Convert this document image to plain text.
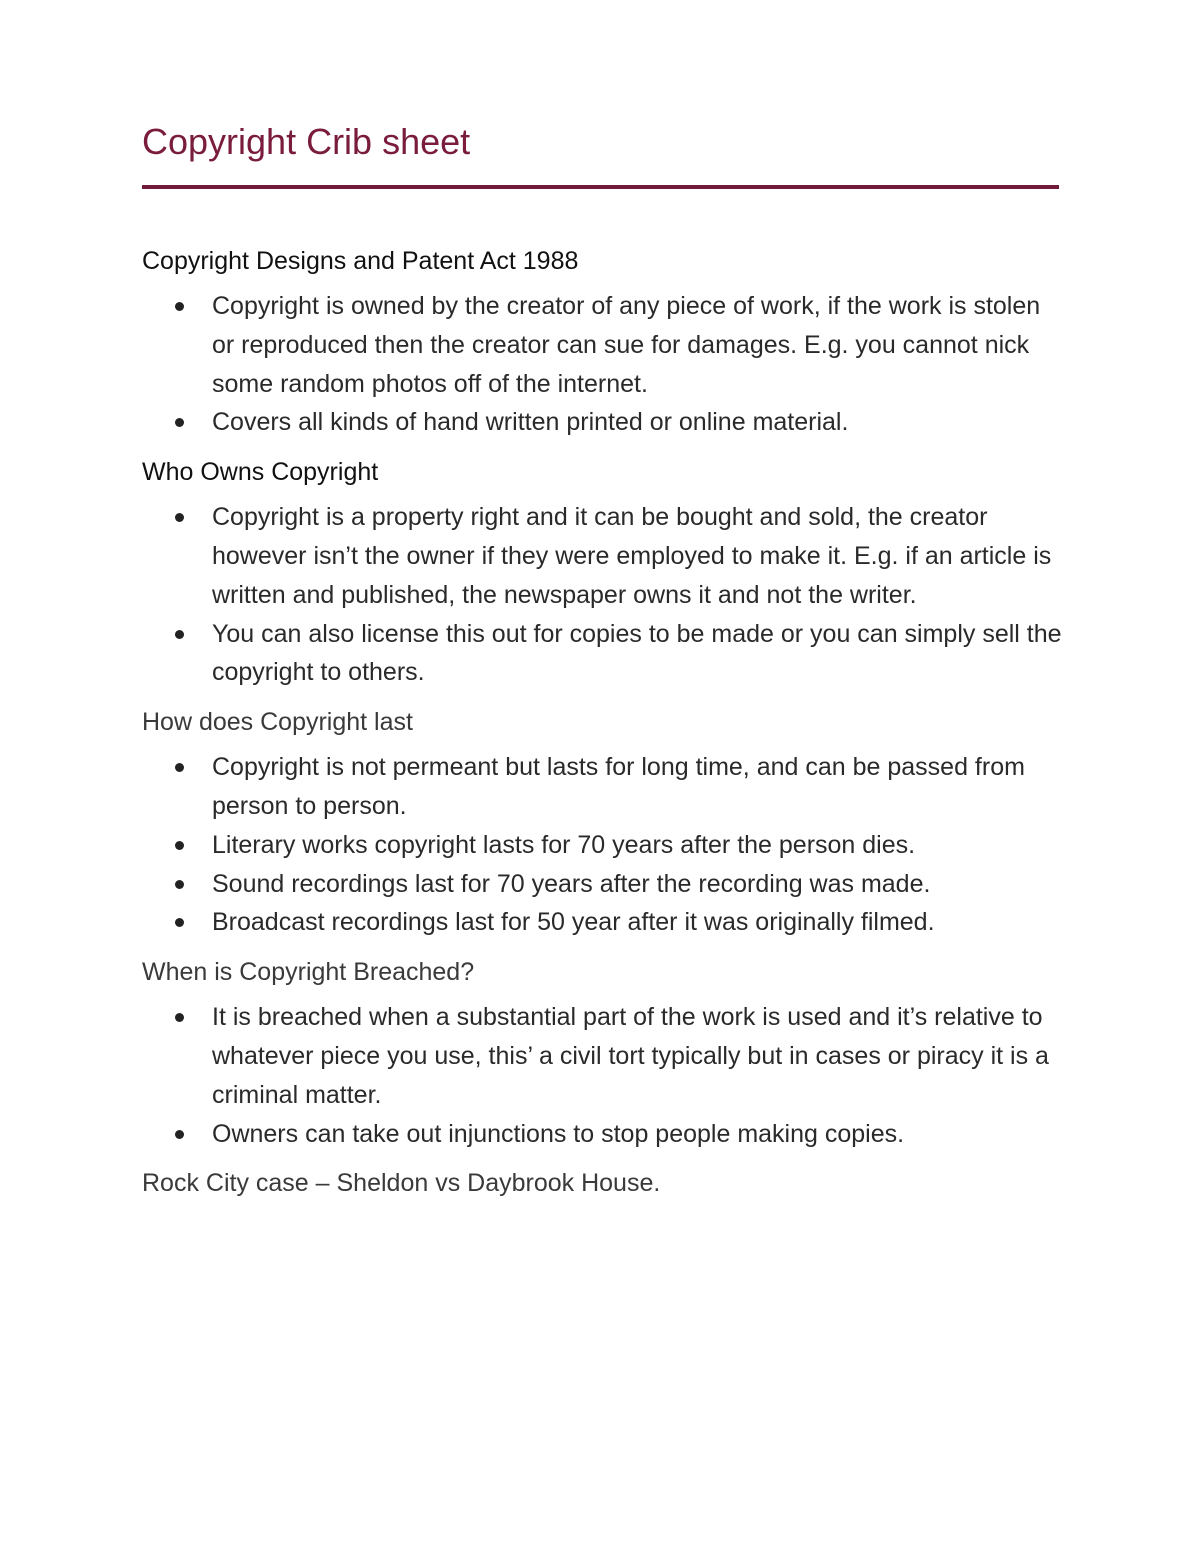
Copyright Crib sheet

Copyright Designs and Patent Act 1988

Copyright is owned by the creator of any piece of work, if the work is stolen or reproduced then the creator can sue for damages. E.g. you cannot nick some random photos off of the internet.
Covers all kinds of hand written printed or online material.

Who Owns Copyright

Copyright is a property right and it can be bought and sold, the creator however isn’t the owner if they were employed to make it. E.g. if an article is written and published, the newspaper owns it and not the writer.
You can also license this out for copies to be made or you can simply sell the copyright to others.

How does Copyright last

Copyright is not permeant but lasts for long time, and can be passed from person to person.
Literary works copyright lasts for 70 years after the person dies.
Sound recordings last for 70 years after the recording was made.
Broadcast recordings last for 50 year after it was originally filmed.

When is Copyright Breached?

It is breached when a substantial part of the work is used and it’s relative to whatever piece you use, this’ a civil tort typically but in cases or piracy it is a criminal matter.
Owners can take out injunctions to stop people making copies.

Rock City case – Sheldon vs Daybrook House.
